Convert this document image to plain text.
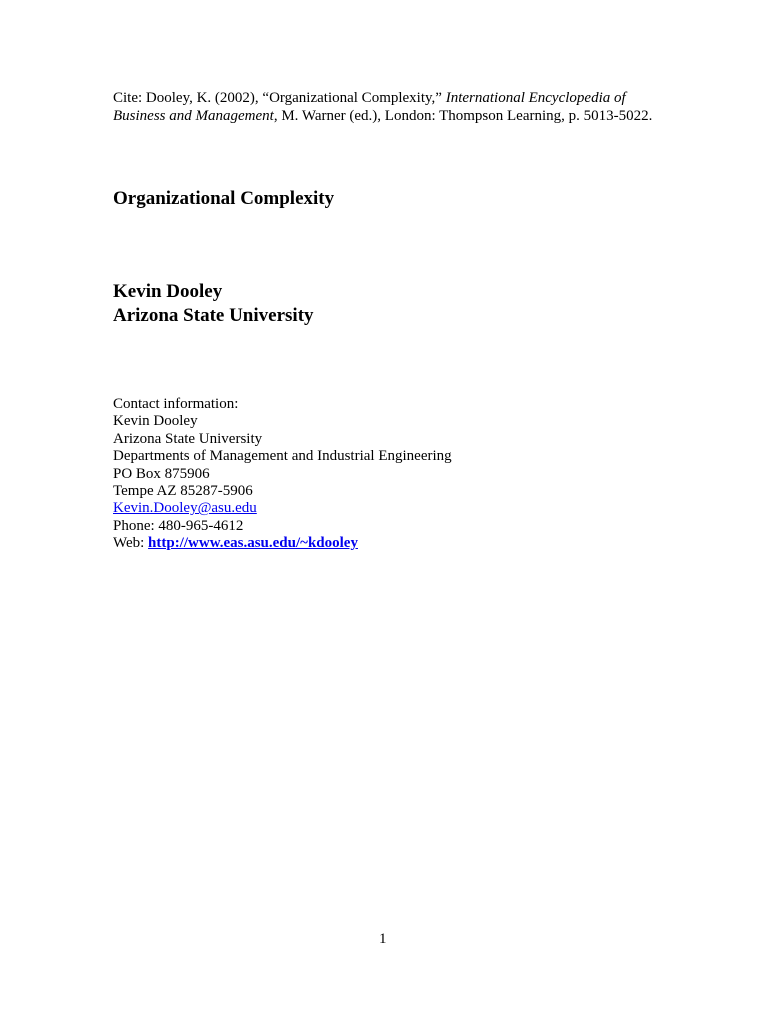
Cite: Dooley, K. (2002), “Organizational Complexity,” International Encyclopedia of Business and Management, M. Warner (ed.), London: Thompson Learning, p. 5013-5022.

Organizational Complexity
Kevin Dooley
Arizona State University
Contact information:
Kevin Dooley
Arizona State University
Departments of Management and Industrial Engineering
PO Box 875906
Tempe AZ 85287-5906
Kevin.Dooley@asu.edu
Phone: 480-965-4612
Web: http://www.eas.asu.edu/~kdooley
1
